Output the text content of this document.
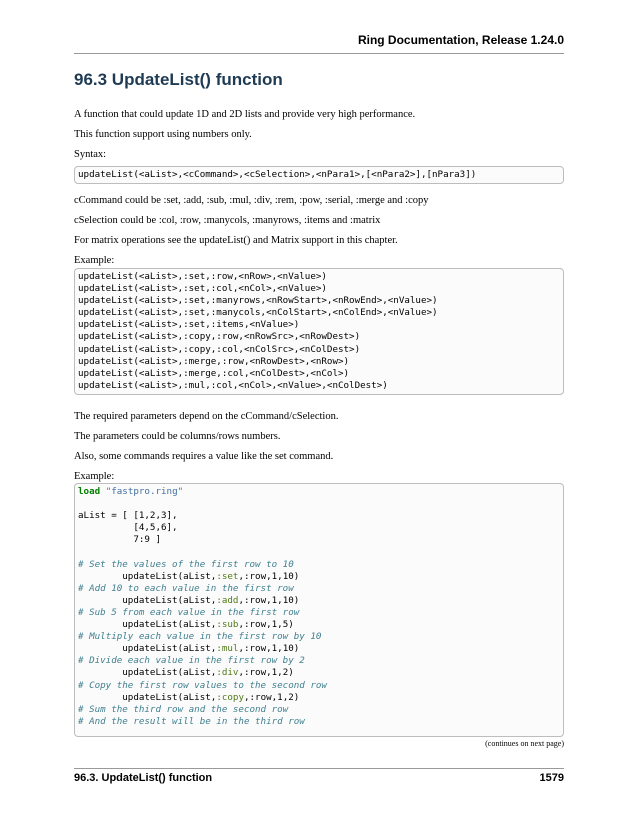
Ring Documentation, Release 1.24.0
96.3 UpdateList() function

A function that could update 1D and 2D lists and provide very high performance.

This function support using numbers only.

Syntax:

updateList(<aList>,<cCommand>,<cSelection>,<nPara1>,[<nPara2>],[nPara3])

cCommand could be :set, :add, :sub, :mul, :div, :rem, :pow, :serial, :merge and :copy

cSelection could be :col, :row, :manycols, :manyrows, :items and :matrix

For matrix operations see the updateList() and Matrix support in this chapter.

Example:

updateList(<aList>,:set,:row,<nRow>,<nValue>)
updateList(<aList>,:set,:col,<nCol>,<nValue>)
updateList(<aList>,:set,:manyrows,<nRowStart>,<nRowEnd>,<nValue>)
updateList(<aList>,:set,:manycols,<nColStart>,<nColEnd>,<nValue>)
updateList(<aList>,:set,:items,<nValue>)
updateList(<aList>,:copy,:row,<nRowSrc>,<nRowDest>)
updateList(<aList>,:copy,:col,<nColSrc>,<nColDest>)
updateList(<aList>,:merge,:row,<nRowDest>,<nRow>)
updateList(<aList>,:merge,:col,<nColDest>,<nCol>)
updateList(<aList>,:mul,:col,<nCol>,<nValue>,<nColDest>)

The required parameters depend on the cCommand/cSelection.

The parameters could be columns/rows numbers.

Also, some commands requires a value like the set command.

Example:

load "fastpro.ring"

aList = [ [1,2,3],
[4,5,6],
7:9 ]

# Set the values of the first row to 10
updateList(aList,:set,:row,1,10)
# Add 10 to each value in the first row
updateList(aList,:add,:row,1,10)
# Sub 5 from each value in the first row
updateList(aList,:sub,:row,1,5)
# Multiply each value in the first row by 10
updateList(aList,:mul,:row,1,10)
# Divide each value in the first row by 2
updateList(aList,:div,:row,1,2)
# Copy the first row values to the second row
updateList(aList,:copy,:row,1,2)
# Sum the third row and the second row
# And the result will be in the third row
(continues on next page)
96.3. UpdateList() function	1579
